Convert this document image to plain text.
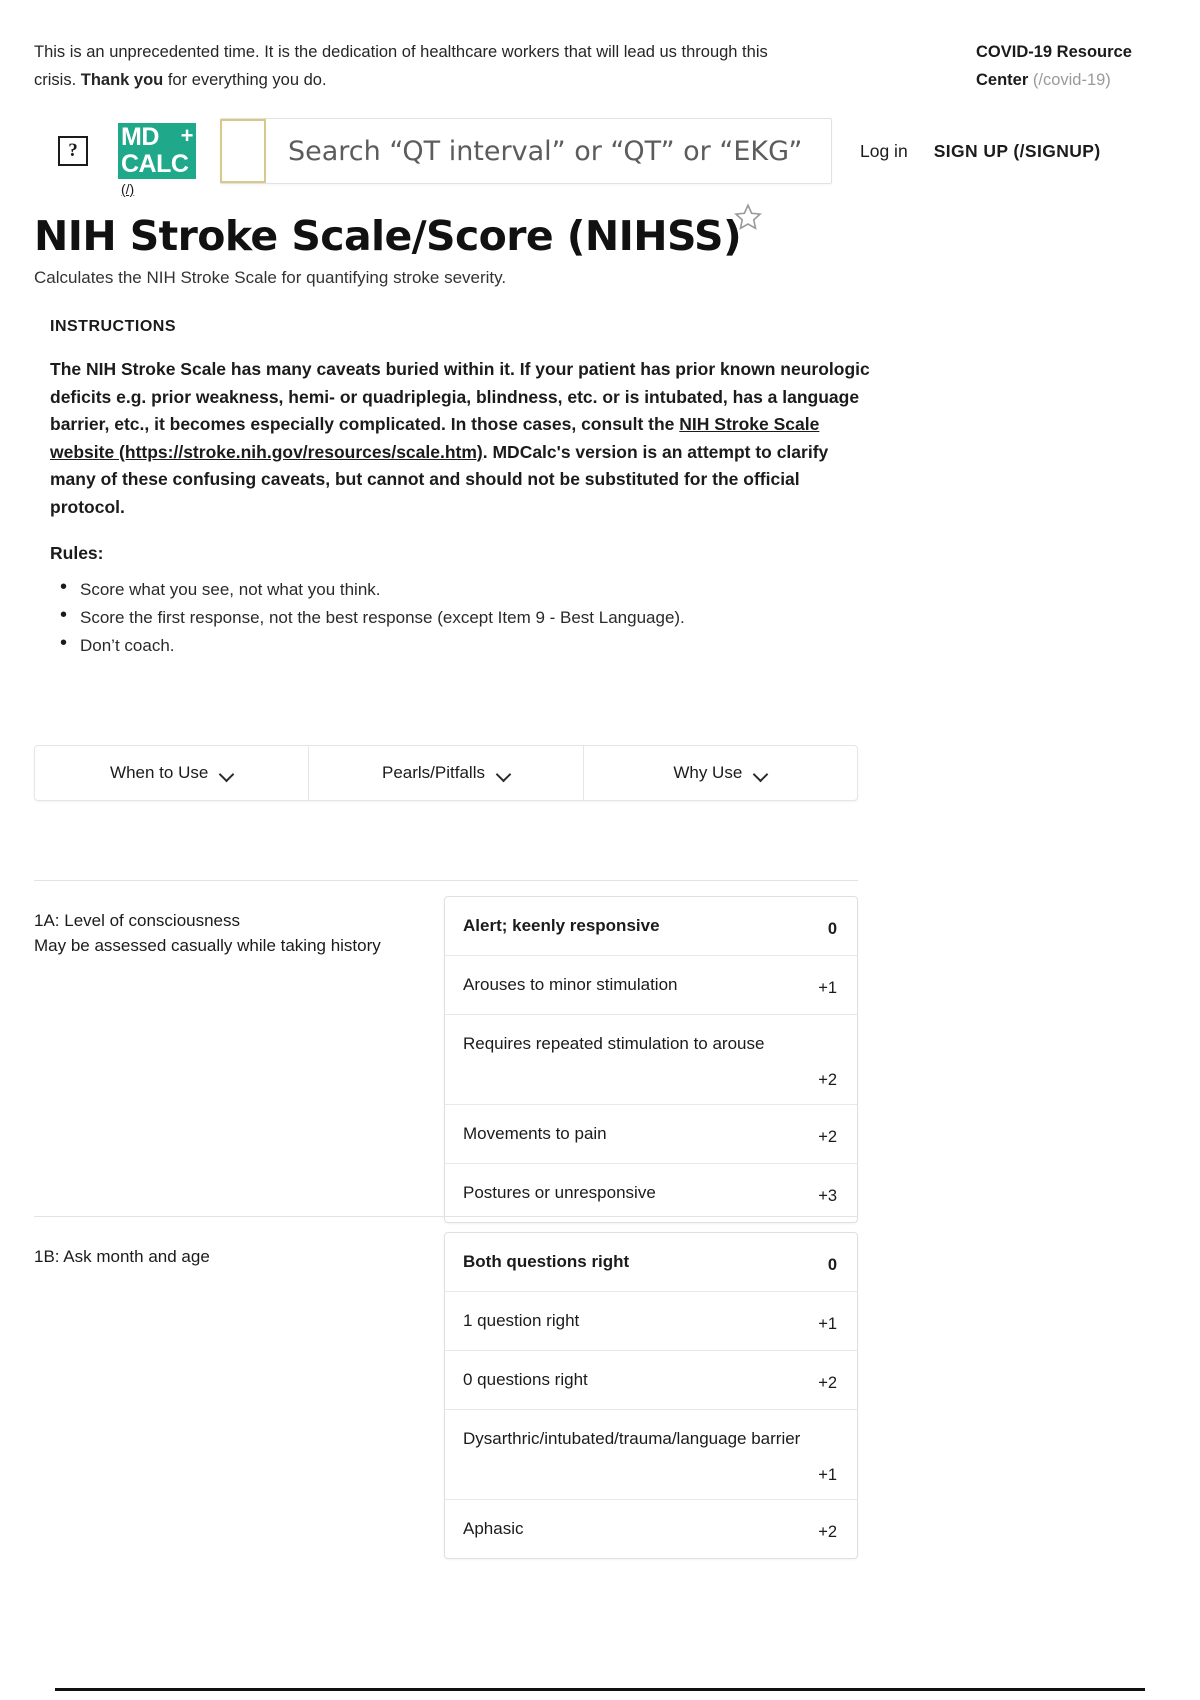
This is an unprecedented time. It is the dedication of healthcare workers that will lead us through this crisis. Thank you for everything you do.
COVID-19 Resource Center (/covid-19)
?	MD
CALC
+
(/)
Search “QT interval” or “QT” or “EKG”	Log in SIGN UP (/SIGNUP)
NIH Stroke Scale/Score (NIHSS)
Calculates the NIH Stroke Scale for quantifying stroke severity.
INSTRUCTIONS
The NIH Stroke Scale has many caveats buried within it. If your patient has prior known neurologic deficits e.g. prior weakness, hemi- or quadriplegia, blindness, etc. or is intubated, has a language barrier, etc., it becomes especially complicated. In those cases, consult the NIH Stroke Scale website (https://stroke.nih.gov/resources/scale.htm). MDCalc's version is an attempt to clarify many of these confusing caveats, but cannot and should not be substituted for the official protocol.
Rules:
• Score what you see, not what you think.
• Score the first response, not the best response (except Item 9 - Best Language).
• Don’t coach.
When to Use	Pearls/Pitfalls	Why Use
1A: Level of consciousness
May be assessed casually while taking history
Alert; keenly responsive	0
Arouses to minor stimulation	+1
Requires repeated stimulation to arouse
+2
Movements to pain	+2
Postures or unresponsive	+3
1B: Ask month and age	Both questions right	0
1 question right	+1
0 questions right	+2
Dysarthric/intubated/trauma/language barrier
+1
Aphasic	+2
